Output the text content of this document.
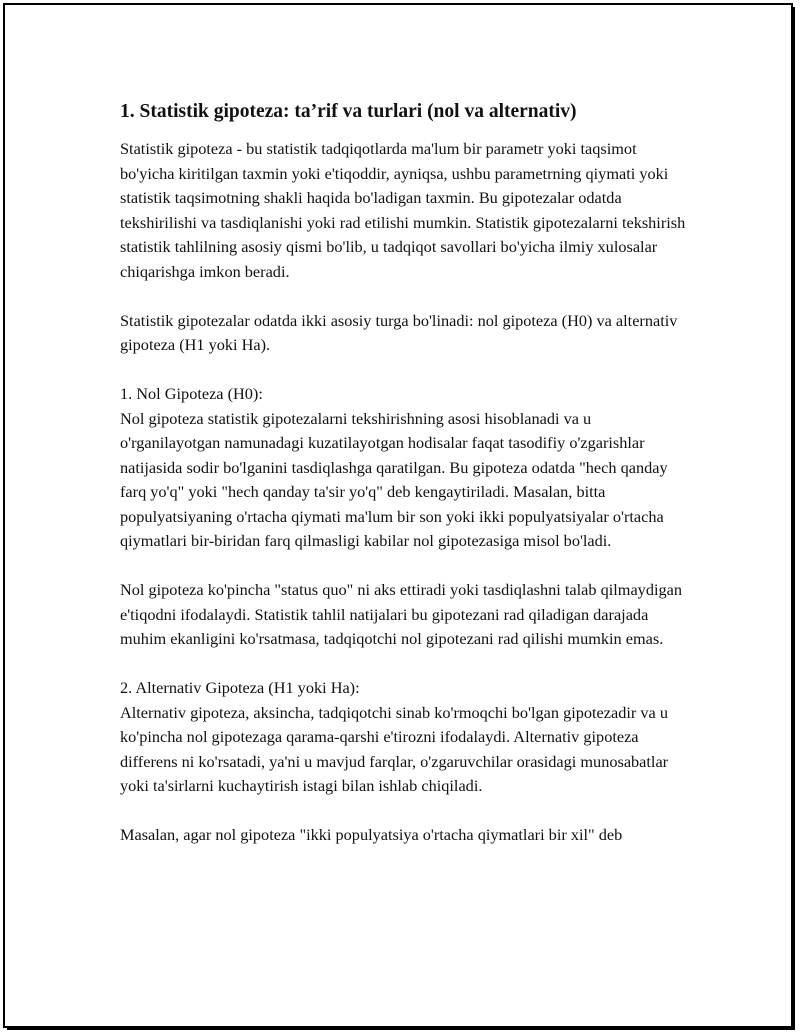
1. Statistik gipoteza: ta’rif va turlari (nol va alternativ)

Statistik gipoteza - bu statistik tadqiqotlarda ma'lum bir parametr yoki taqsimot bo'yicha kiritilgan taxmin yoki e'tiqoddir, ayniqsa, ushbu parametrning qiymati yoki statistik taqsimotning shakli haqida bo'ladigan taxmin. Bu gipotezalar odatda tekshirilishi va tasdiqlanishi yoki rad etilishi mumkin. Statistik gipotezalarni tekshirish statistik tahlilning asosiy qismi bo'lib, u tadqiqot savollari bo'yicha ilmiy xulosalar chiqarishga imkon beradi.

Statistik gipotezalar odatda ikki asosiy turga bo'linadi: nol gipoteza (H0) va alternativ gipoteza (H1 yoki Ha).

1. Nol Gipoteza (H0):

Nol gipoteza statistik gipotezalarni tekshirishning asosi hisoblanadi va u o'rganilayotgan namunadagi kuzatilayotgan hodisalar faqat tasodifiy o'zgarishlar natijasida sodir bo'lganini tasdiqlashga qaratilgan. Bu gipoteza odatda "hech qanday farq yo'q" yoki "hech qanday ta'sir yo'q" deb kengaytiriladi. Masalan, bitta populyatsiyaning o'rtacha qiymati ma'lum bir son yoki ikki populyatsiyalar o'rtacha qiymatlari bir-biridan farq qilmasligi kabilar nol gipotezasiga misol bo'ladi.

Nol gipoteza ko'pincha "status quo" ni aks ettiradi yoki tasdiqlashni talab qilmaydigan e'tiqodni ifodalaydi. Statistik tahlil natijalari bu gipotezani rad qiladigan darajada muhim ekanligini ko'rsatmasa, tadqiqotchi nol gipotezani rad qilishi mumkin emas.

2. Alternativ Gipoteza (H1 yoki Ha):

Alternativ gipoteza, aksincha, tadqiqotchi sinab ko'rmoqchi bo'lgan gipotezadir va u ko'pincha nol gipotezaga qarama-qarshi e'tirozni ifodalaydi. Alternativ gipoteza differens ni ko'rsatadi, ya'ni u mavjud farqlar, o'zgaruvchilar orasidagi munosabatlar yoki ta'sirlarni kuchaytirish istagi bilan ishlab chiqiladi.

Masalan, agar nol gipoteza "ikki populyatsiya o'rtacha qiymatlari bir xil" deb
